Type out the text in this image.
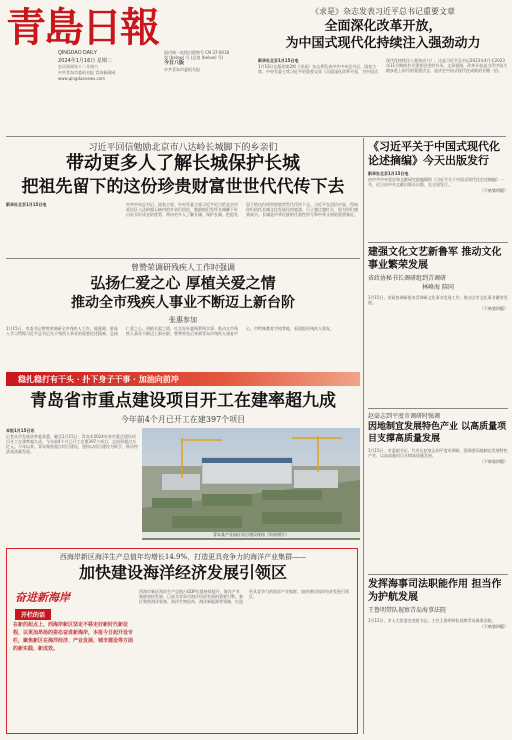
青島日報
QINGDAO DAILY
2024年1月16日 星期二
农历癸卯年十二月初六
中共青岛市委机关报 青岛新闻网
www.qingdaonews.com
国内统一连续出版物号 CN 37-0018
第 (below) 号 (总第 (below) 号)
今日八版
中共青岛市委机关报
《求是》杂志发表习近平总书记重要文章
全面深化改革开放，
为中国式现代化持续注入强劲动力

新华社北京1月15日电

1月16日出版的第2期《求是》杂志将发表中共中央总书记、国家主席、中央军委主席习近平的重要文章《全面深化改革开放，为中国式现代化持续注入强劲动力》。这是习近平总书记2023年4月至2023年11月期间有关重要论述的节录。文章强调，改革开放是当代中国大踏步赶上时代的重要法宝，是决定中国式现代化成败的关键一招。

习近平回信勉励北京市八达岭长城脚下的乡亲们
带动更多人了解长城保护长城
把祖先留下的这份珍贵财富世世代代传下去

新华社北京1月15日电	中共中央总书记、国家主席、中央军委主席习近平近日给北京市延庆区八达岭镇石峡村的乡亲们回信，勉励他们发挥长城脚下好山好水好风光的优势，带动更多人了解长城、保护长城，把祖先留下的这份珍贵财富世世代代传下去。习近平在回信中说，得知你们依托长城文化发展民宿旅游，日子越过越红火，很为你们感到高兴。长城是中华民族的代表性符号和中华文明的重要象征。

曾赞荣调研残疾人工作时强调
弘扬仁爱之心 厚植关爱之情
推动全市残疾人事业不断迈上新台阶
张惠参加

1月15日，市委书记曾赞荣调研全市残疾人工作，他强调，要深入学习贯彻习近平总书记关于残疾人事业的重要论述精神，弘扬仁爱之心，厚植关爱之情，扎实办好惠残利残实事，推动全市残疾人事业不断迈上新台阶。曾赞荣先后来到青岛市残疾人康复中心、市特殊教育学校等地，看望慰问残疾人朋友。

稳扎稳打有干头 · 扑下身子干事 · 加油向前冲
青岛省市重点建设项目开工在建率超九成
今年前4个月已开工在建397个项目

本报1月15日讯

记者从市发展改革委获悉，截至1月15日，青岛市2024年省市重点建设项目开工在建率超九成，今年前4个月已开工在建397个项目，总投资超过万亿元。今年以来，青岛聚焦重点项目建设，坚持以项目建设为抓手，推动经济高质量发展。

青岛某产业园区项目建设现场（资料照片）
西海岸新区海洋生产总值年均增长14.9%，打造更具竞争力的海洋产业集群——
加快建设海洋经济发展引领区
奋进新海岸
开栏的话
在新的起点上，西海岸新区坚定不移走好新时代新征程，以更加昂扬的姿态奋进新海岸，本报今日起开设专栏，聚焦新区在海洋经济、产业发展、城市建设等方面的新实践、新成效。

西海岸新区海洋生产总值占GDP比重持续提升，海洋产业集群加快发展，已成为青岛市海洋经济发展的重要引擎。新区聚焦海洋装备、海洋生物医药、海洋新能源等领域，打造更具竞争力的海洋产业集群，加快建设海洋经济发展引领区。

《习近平关于中国式现代化论述摘编》今天出版发行

新华社北京1月15日电

由中共中央党史和文献研究院编辑的《习近平关于中国式现代化论述摘编》一书，近日由中央文献出版社出版，在全国发行。

（下转第四版）

建强文化文艺新鲁军 推动文化事业繁荣发展
省政协秘书长调研组到青调研
林峰海 陪同

1月15日，省政协调研组来青调研文化事业发展工作，推动全市文化事业繁荣发展。

（下转第四版）

赵豪志到平度市调研时强调
因地制宜发展特色产业 以高质量项目支撑高质量发展

1月15日，市委副书记、代市长赵豪志到平度市调研，强调要因地制宜发展特色产业，以高质量项目支撑高质量发展。

（下转第四版）

发挥海事司法职能作用 担当作为护航发展
王鲁明带队视察青岛海事法院

1月15日，市人大常委会党组书记、主任王鲁明带队视察青岛海事法院。

（下转第四版）
